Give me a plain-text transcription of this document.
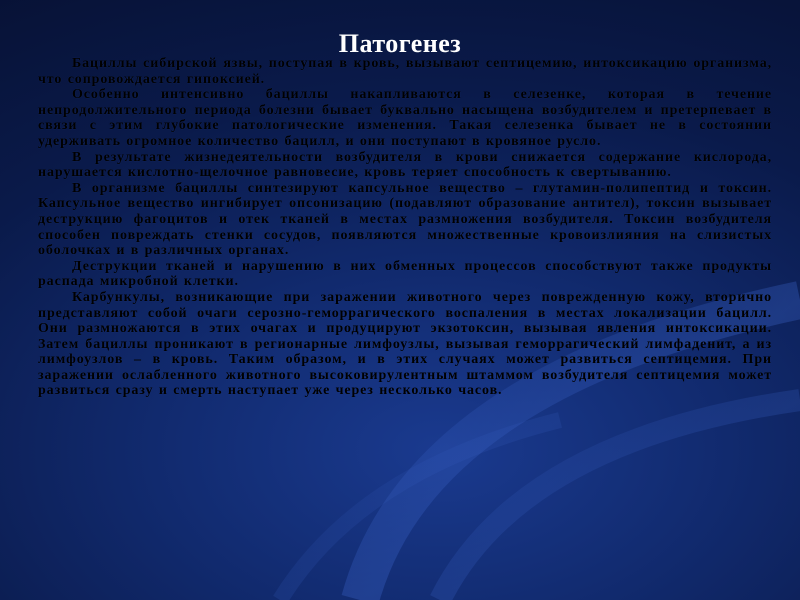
Патогенез

Бациллы сибирской язвы, поступая в кровь, вызывают септицемию, интоксикацию организма, что сопровождается гипоксией.

Особенно интенсивно бациллы накапливаются в селезенке, которая в течение непродолжительного периода болезни бывает буквально насыщена возбудителем и претерпевает в связи с этим глубокие патологические изменения. Такая селезенка бывает не в состоянии удерживать огромное количество бацилл, и они поступают в кровяное русло.

В результате жизнедеятельности возбудителя в крови снижается содержание кислорода, нарушается кислотно-щелочное равновесие, кровь теряет способность к свертыванию.

В организме бациллы синтезируют капсульное вещество – глутамин-полипептид и токсин. Капсульное вещество ингибирует опсонизацию (подавляют образование антител), токсин вызывает деструкцию фагоцитов и отек тканей в местах размножения возбудителя. Токсин возбудителя способен повреждать стенки сосудов, появляются множественные кровоизлияния на слизистых оболочках и в различных органах.

Деструкции тканей и нарушению в них обменных процессов способствуют также продукты распада микробной клетки.

Карбункулы, возникающие при заражении животного через поврежденную кожу, вторично представляют собой очаги серозно-геморрагического воспаления в местах локализации бацилл. Они размножаются в этих очагах и продуцируют экзотоксин, вызывая явления интоксикации. Затем бациллы проникают в регионарные лимфоузлы, вызывая геморрагический лимфаденит, а из лимфоузлов – в кровь. Таким образом, и в этих случаях может развиться септицемия. При заражении ослабленного животного высоковирулентным штаммом возбудителя септицемия может развиться сразу и смерть наступает уже через несколько часов.
